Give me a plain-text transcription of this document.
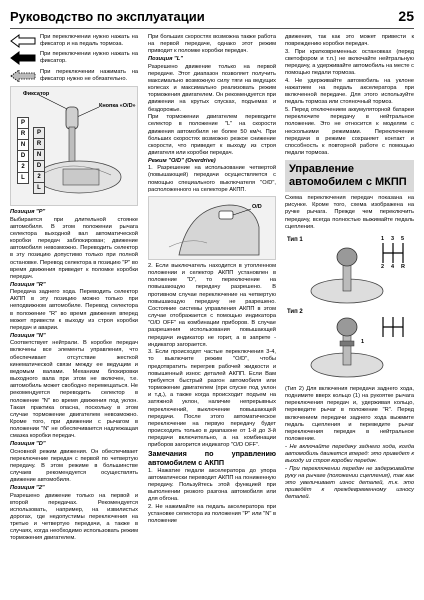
Руководство по эксплуатации	25
При переключении нужно нажать на фиксатор и на педаль тормоза.
При переключении нужно нажать на фиксатор.
При переключении нажимать на фиксатор нужно не обязательно.
Фиксатор
Кнопка «O/D»
P
R
N
D
2
L
P
R
N
D
2
L

Позиция "P"

Выбирается при длительной стоянке автомобиля. В этом положении рычага селектора выходной вал автоматической коробки передач заблокирован; движение автомобиля невозможно. Переводить селектор в эту позицию допустимо только при полной остановке. Перевод селектора в позицию "P" во время движения приведет к поломке коробки передач.

Позиция "R"

Передача заднего хода. Переводить селектор АКПП в эту позицию можно только при неподвижном автомобиле. Перевод селектора в положение "R" во время движения вперед может привести к выходу из строя коробки передач и аварии.

Позиция "N"

Соответствует нейтрали. В коробке передач включены все элементы управления, что обеспечивает отсутствие жесткой кинематической связи между ее ведущим и ведомым валами. Механизм блокировки выходного вала при этом не включен, т.е. автомобиль может свободно перемещаться. Не рекомендуется переводить селектор в положение "N" во время движения под уклон. Такая практика опасна, поскольку в этом случае торможение двигателем невозможно. Кроме того, при движении с рычагом в положении "N" не обеспечивается надлежащая смазка коробки передач.

Позиция "D"

Основной режим движения. Он обеспечивает переключение передач с первой по четвертую передачу. В этом режиме в большинстве случаев рекомендуется осуществлять движение автомобиля.

Позиция "2"

Разрешено движение только на первой и второй передачах. Рекомендуется использовать, например, на извилистых дорогах, где недопустимы переключения на третью и четвертую передачи, а также в случаях, когда необходимо использовать режим торможения двигателем.

При больших скоростях возможна также работа на первой передаче, однако этот режим приводит к поломке коробки передач.

Позиция "L"

Разрешено движение только на первой передаче. Этот диапазон позволяет получить максимально возможную силу тяги на ведущих колесах и максимально реализовать режим торможения двигателем. Он рекомендуется при движении на крутых спусках, подъемах и бездорожье.

При торможении двигателем переводите селектор в положение "L" на скорости движения автомобиля не более 50 км/ч. При больших скоростях возможно резкое снижение скорости, что приведет к выходу из строя двигателя или коробки передач.

Режим "O/D" (Overdrive)

1. Разрешение на использование четвертой (повышающей) передачи осуществляется с помощью специального выключателя "O/D", расположенного на селекторе АКПП.

O/D

2. Если выключатель находится в утопленном положении и селектор АКПП установлен в положение "D", то переключение на повышающую передачу разрешено. В противном случае переключение на четвертую повышающую передачу не разрешено. Состояние системы управления АКПП в этом случае отображается с помощью индикатора "O/D OFF" на комбинации приборов. В случае разрешения использования повышающей передачи индикатор не горит, а в запрете - индикатор загорается.

3. Если происходят частые переключения 3-4, то выключите режим "O/D", чтобы предотвратить перегрев рабочей жидкости и повышенный износ деталей АКПП. Если Вам требуется быстрый разгон автомобиля или торможение двигателем (при спуске под уклон и т.д.), а также когда происходит подъем на затяжной уклон, наличие непрерывных переключений, выключение повышающей передачи. После этого автоматическое переключение на первую передачу будет происходить только в диапазоне от 1-й до 3-й передачи включительно, а на комбинации приборов загорится индикатор "O/D OFF".

Замечания по управлению автомобилем с АКПП

1. Нажатие педали акселератора до упора автоматически переводит АКПП на пониженную передачу. Пользуйтесь этой функцией при выполнении резкого разгона автомобиля или для обгона.

2. Не нажимайте на педаль акселератора при установке селектора из положения "P" или "N" в положение

движения, так как это может привести к повреждению коробки передач.

3. При кратковременных остановках (перед светофором и т.п.) не включайте нейтральную передачу, а удерживайте автомобиль на месте с помощью педали тормоза.

4. Не удерживайте автомобиль на уклоне нажатием на педаль акселератора при включенной передаче. Для этого используйте педаль тормоза или стояночный тормоз.

5. Перед отключением аккумуляторной батареи переключите передачу в нейтральное положение. Это не относится к моделям с несколькими режимами. Переключение передачи в режиме сохраняет контакт и способность к повторной работе с помощью педали тормоза.

Управление автомобилем с МКПП

Схема переключения передач показана на рисунке. Кроме того, схема изображена на ручке рычага. Прежде чем переключить передачу, всегда полностью выжимайте педаль сцепления.

Тип 1
Тип 2
1 3 5
2 4 R
1

(Тип 2) Для включения передачи заднего хода, поднимите вверх кольцо (1) на рукоятке рычага переключения передач и, удерживая кольцо, переведите рычаг в положение "R". Перед включением передачи заднего хода выжмите педаль сцепления и переведите рычаг переключения передач в нейтральное положение.

- Не включайте передачу заднего хода, когда автомобиль движется вперед: это приведет к выходу из строя коробки передач.

- При переключении передач не задерживайте руку на рычаге (положении сцепления), так как это увеличивает износ деталей, т.к. это приведёт к преждевременному износу деталей.
